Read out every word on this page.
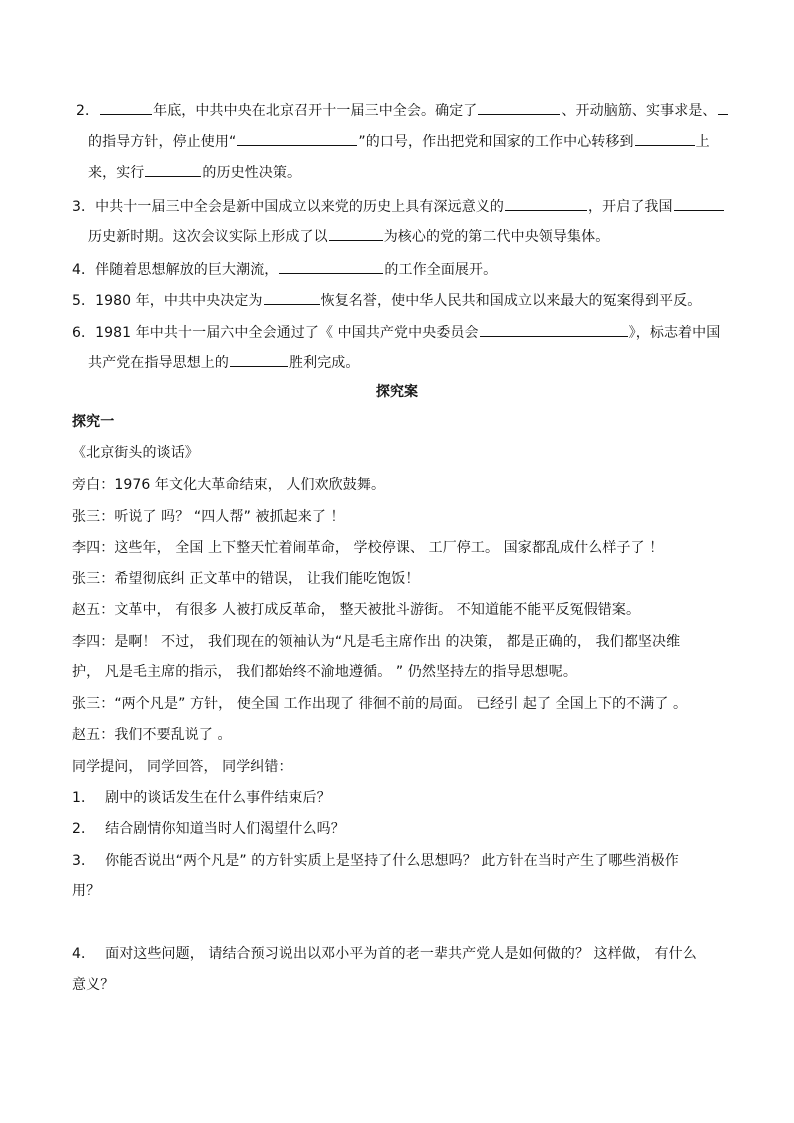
2．	年底，中共中央在北京召开十一届三中全会。确定了	、开动脑筋、实事求是、
的指导方针，停止使用“	”的口号，作出把党和国家的工作中心转移到	上
来，实行	的历史性决策。
3．中共十一届三中全会是新中国成立以来党的历史上具有深远意义的	，开启了我国
历史新时期。这次会议实际上形成了以	为核心的党的第二代中央领导集体。
4．伴随着思想解放的巨大潮流，	的工作全面展开。
5．1980 年，中共中央决定为	恢复名誉，使中华人民共和国成立以来最大的冤案得到平反。
6．1981 年中共十一届六中全会通过了《 中国共产党中央委员会	》，标志着中国
共产党在指导思想上的	胜利完成。
探究案
探究一
《北京街头的谈话》
旁白：1976 年文化大革命结束， 人们欢欣鼓舞。
张三：听说了 吗？ “四人帮” 被抓起来了 ！
李四：这些年， 全国 上下整天忙着闹革命， 学校停课、 工厂停工。 国家都乱成什么样子了 ！
张三：希望彻底纠 正文革中的错误， 让我们能吃饱饭！
赵五：文革中， 有很多 人被打成反革命， 整天被批斗游街。 不知道能不能平反冤假错案。
李四：是啊！ 不过， 我们现在的领袖认为“凡是毛主席作出 的决策， 都是正确的， 我们都坚决维
护， 凡是毛主席的指示， 我们都始终不渝地遵循。 ” 仍然坚持左的指导思想呢。
张三：“两个凡是” 方针， 使全国 工作出现了 徘徊不前的局面。 已经引 起了 全国上下的不满了 。
赵五：我们不要乱说了 。
同学提问， 同学回答， 同学纠错：
1． 剧中的谈话发生在什么事件结束后？
2． 结合剧情你知道当时人们渴望什么吗？
3． 你能否说出“两个凡是” 的方针实质上是坚持了什么思想吗？ 此方针在当时产生了哪些消极作
用？
4． 面对这些问题， 请结合预习说出以邓小平为首的老一辈共产党人是如何做的？ 这样做， 有什么
意义？
